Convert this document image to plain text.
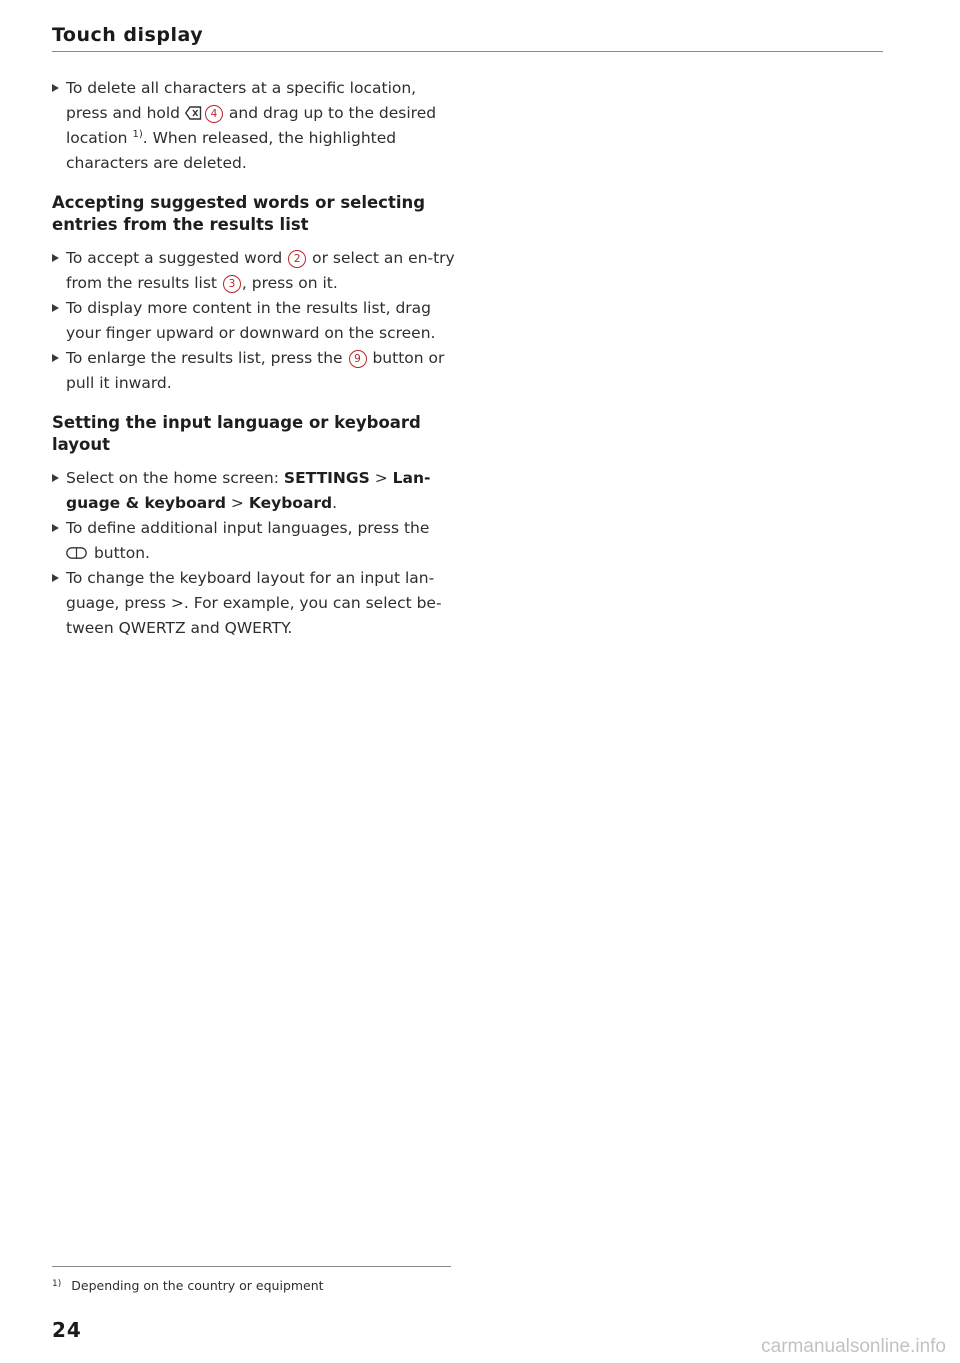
Touch display
To delete all characters at a specific location, press and hold	4 and drag up to the desired location $^{1)}$. When released, the highlighted characters are deleted.
Accepting suggested words or selecting entries from the results list
To accept a suggested word 2 or select an en-try from the results list 3 , press on it.
To display more content in the results list, drag your finger upward or downward on the screen.
To enlarge the results list, press the 9 button or pull it inward.
Setting the input language or keyboard layout
Select on the home screen: SETTINGS > Lan-guage & keyboard > Keyboard.
To define additional input languages, press the  button.
To change the keyboard layout for an input lan-guage, press >. For example, you can select be-tween QWERTZ and QWERTY.
$^{1)}$ Depending on the country or equipment
24
carmanualsonline.info
